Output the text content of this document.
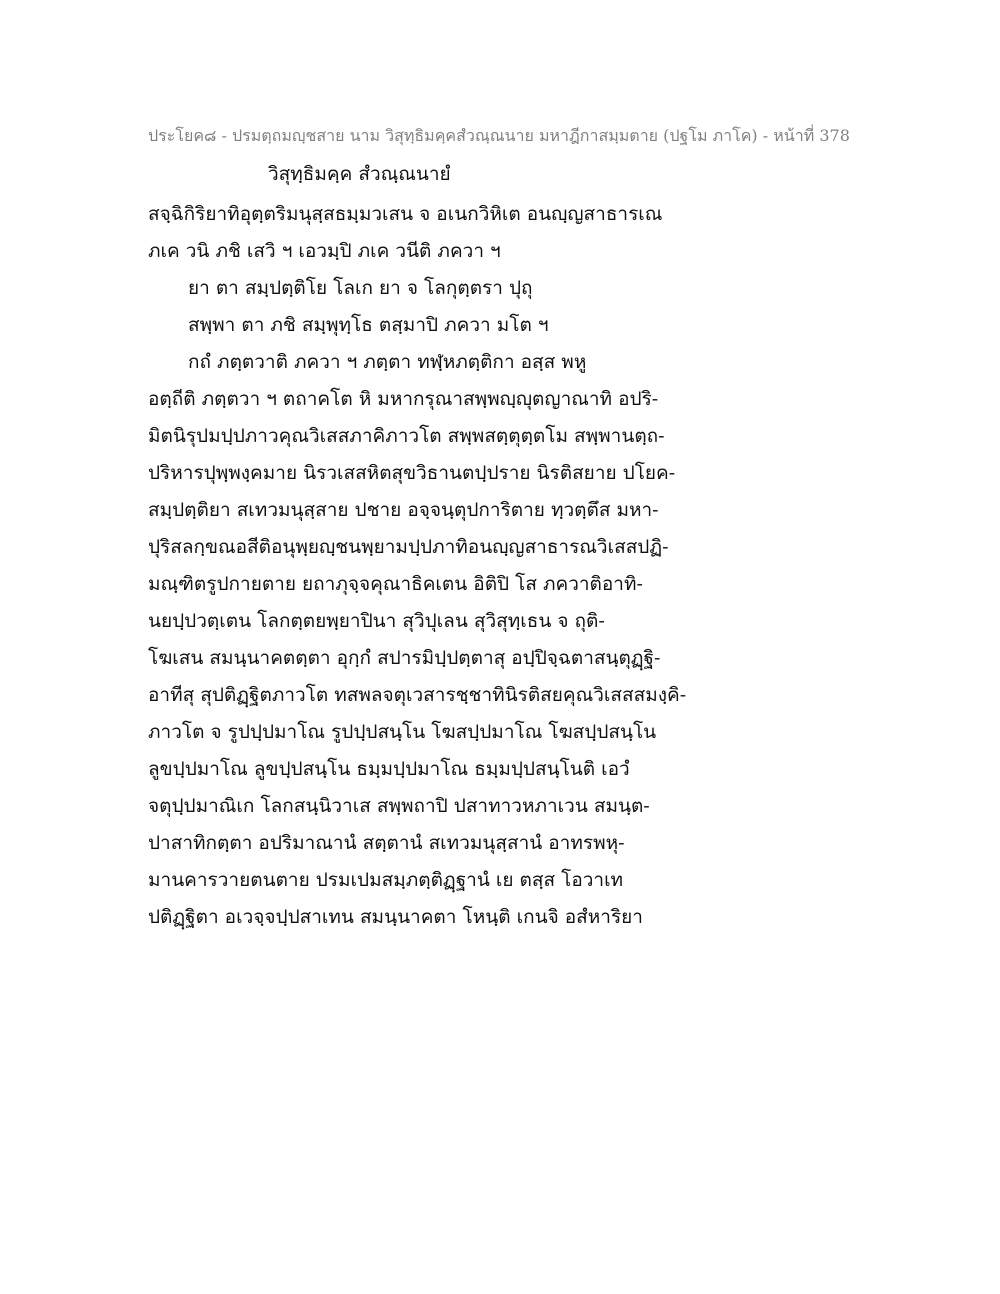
ประโยค๘ - ปรมตฺถมญฺชสาย นาม วิสุทฺธิมคฺคสํวณฺณนาย มหาฎีกาสมฺมตาย (ปฐโม ภาโค) - หน้าที่ 378
วิสุทฺธิมคฺค สํวณฺณนายํ
สจฺฉิกิริยาทิอุตฺตริมนุสฺสธมฺมวเสน จ อเนกวิหิเต อนญฺญสาธารเณ
ภเค วนิ ภชิ เสวิ ฯ เอวมฺปิ ภเค วนีติ ภควา ฯ
ยา ตา สมฺปตฺติโย โลเก ยา จ โลกุตฺตรา ปุถุ
สพฺพา ตา ภชิ สมฺพุทฺโธ ตสฺมาปิ ภควา มโต ฯ
กถํ ภตฺตวาติ ภควา ฯ ภตฺตา ทฬฺหภตฺติกา อสฺส พหู
อตฺถีติ ภตฺตวา ฯ ตถาคโต หิ มหากรุณาสพฺพญฺญุตญาณาทิ อปริ-
มิตนิรุปมปฺปภาวคุณวิเสสภาคิภาวโต สพฺพสตฺตุตฺตโม สพฺพานตฺถ-
ปริหารปุพฺพงฺคมาย นิรวเสสหิตสุขวิธานตปฺปราย นิรติสยาย ปโยค-
สมฺปตฺติยา สเทวมนุสฺสาย ปชาย อจฺจนฺตุปการิตาย ทฺวตฺตึส มหา-
ปุริสลกฺขณอสีติอนุพฺยญฺชนพฺยามปฺปภาทิอนญฺญสาธารณวิเสสปฏิ-
มณฺฑิตรูปกายตาย ยถาภุจฺจคุณาธิคเตน อิติปิ โส ภควาติอาทิ-
นยปฺปวตฺเตน โลกตฺตยพฺยาปินา สุวิปุเลน สุวิสุทฺเธน จ ถุติ-
โฆเสน สมนฺนาคตตฺตา อุกฺกํ สปารมิปฺปตฺตาสุ อปฺปิจฺฉตาสนฺตุฏฺฐิ-
อาทีสุ สุปติฏฺฐิตภาวโต ทสพลจตุเวสารชฺชาทินิรติสยคุณวิเสสสมงฺคิ-
ภาวโต จ รูปปฺปมาโณ รูปปฺปสนฺโน โฆสปฺปมาโณ โฆสปฺปสนฺโน
ลูขปฺปมาโณ ลูขปฺปสนฺโน ธมฺมปฺปมาโณ ธมฺมปฺปสนฺโนติ เอวํ
จตุปฺปมาณิเก โลกสนฺนิวาเส สพฺพถาปิ ปสาทาวหภาเวน สมนฺต-
ปาสาทิกตฺตา อปริมาณานํ สตฺตานํ สเทวมนุสฺสานํ อาทรพหุ-
มานคารวายตนตาย ปรมเปมสมฺภตฺติฏฺฐานํ เย ตสฺส โอวาเท
ปติฏฺฐิตา อเวจฺจปฺปสาเทน สมนฺนาคตา โหนฺติ เกนจิ อสํหาริยา
